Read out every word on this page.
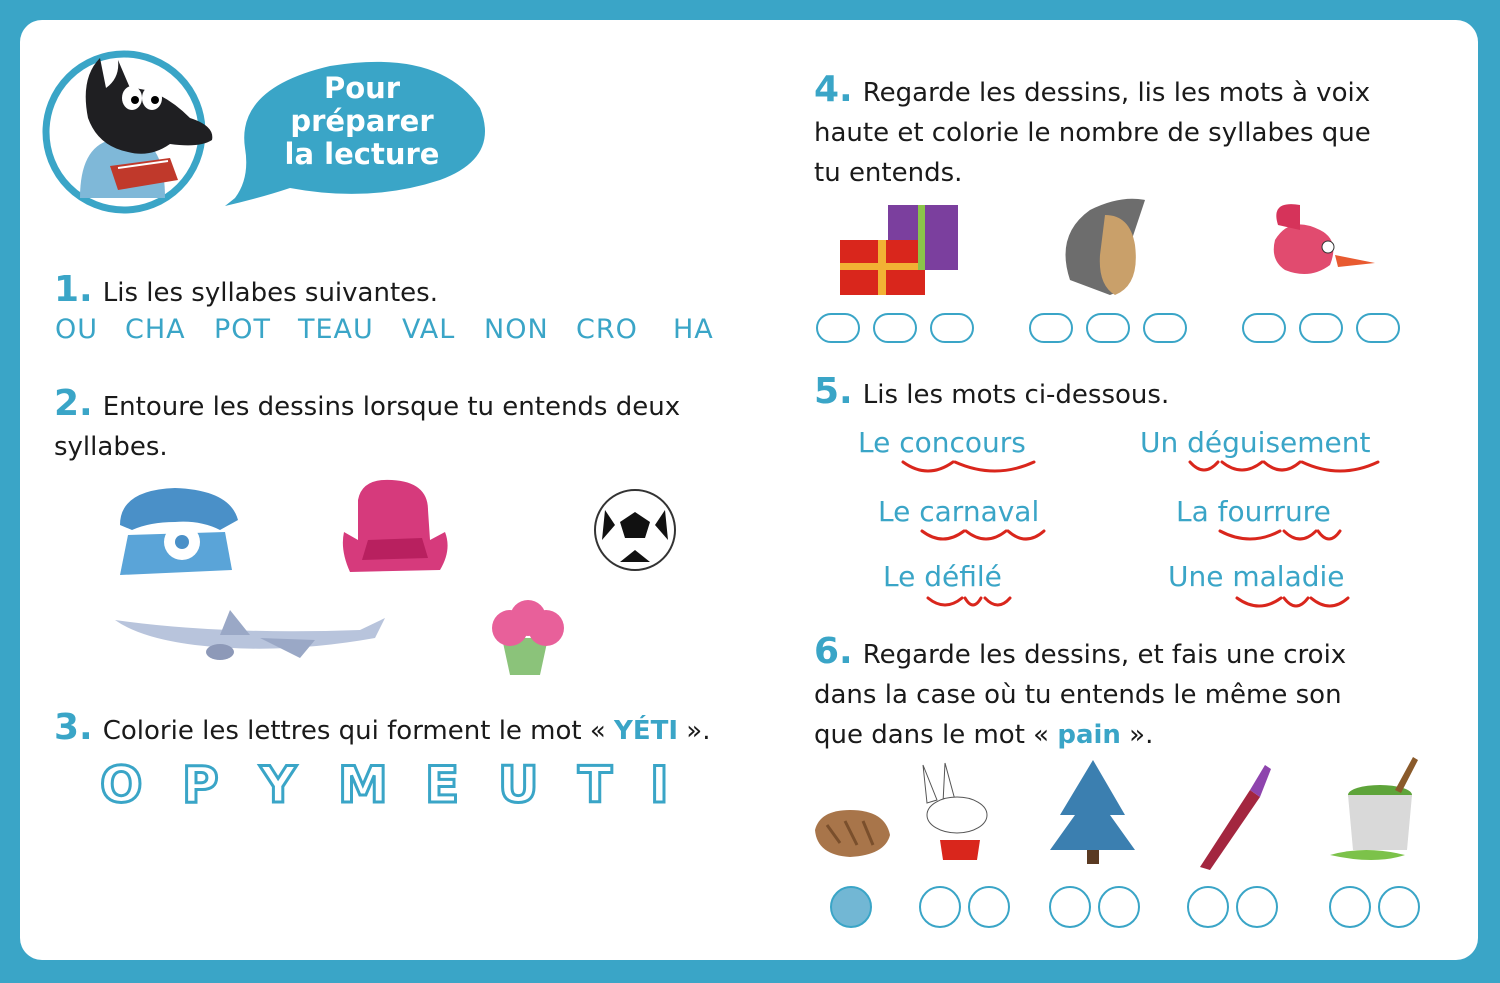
Pour
préparer
la lecture
1. Lis les syllabes suivantes.
OU CHA POT TEAU VAL NON CRO HA
2. Entoure les dessins lorsque tu entends deux
syllabes.
3. Colorie les lettres qui forment le mot « YÉTI ».
O P Y M E U T I
4. Regarde les dessins, lis les mots à voix
haute et colorie le nombre de syllabes que
tu entends.
5. Lis les mots ci-dessous.
Le concours	Un déguisement
Le carnaval	La fourrure
Le défilé	Une maladie
6. Regarde les dessins, et fais une croix
dans la case où tu entends le même son
que dans le mot « pain ».
